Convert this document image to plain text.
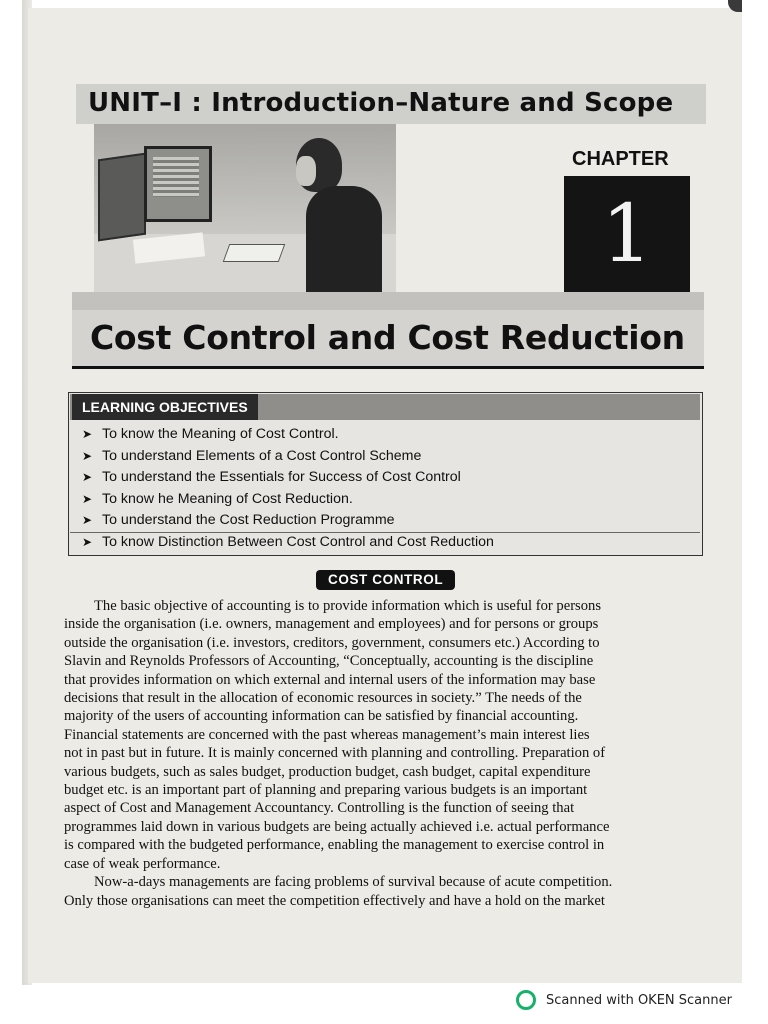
UNIT–I : Introduction–Nature and Scope
CHAPTER
1
Cost Control and Cost Reduction
LEARNING OBJECTIVES
➤ To know the Meaning of Cost Control.
➤ To understand Elements of a Cost Control Scheme
➤ To understand the Essentials for Success of Cost Control
➤ To know he Meaning of Cost Reduction.
➤ To understand the Cost Reduction Programme
➤ To know Distinction Between Cost Control and Cost Reduction
COST CONTROL

The basic objective of accounting is to provide information which is useful for persons
inside the organisation (i.e. owners, management and employees) and for persons or groups
outside the organisation (i.e. investors, creditors, government, consumers etc.) According to
Slavin and Reynolds Professors of Accounting, “Conceptually, accounting is the discipline
that provides information on which external and internal users of the information may base
decisions that result in the allocation of economic resources in society.” The needs of the
majority of the users of accounting information can be satisfied by financial accounting.
Financial statements are concerned with the past whereas management’s main interest lies
not in past but in future. It is mainly concerned with planning and controlling. Preparation of
various budgets, such as sales budget, production budget, cash budget, capital expenditure
budget etc. is an important part of planning and preparing various budgets is an important
aspect of Cost and Management Accountancy. Controlling is the function of seeing that
programmes laid down in various budgets are being actually achieved i.e. actual performance
is compared with the budgeted performance, enabling the management to exercise control in
case of weak performance.

Now-a-days managements are facing problems of survival because of acute competition.
Only those organisations can meet the competition effectively and have a hold on the market

Scanned with OKEN Scanner
